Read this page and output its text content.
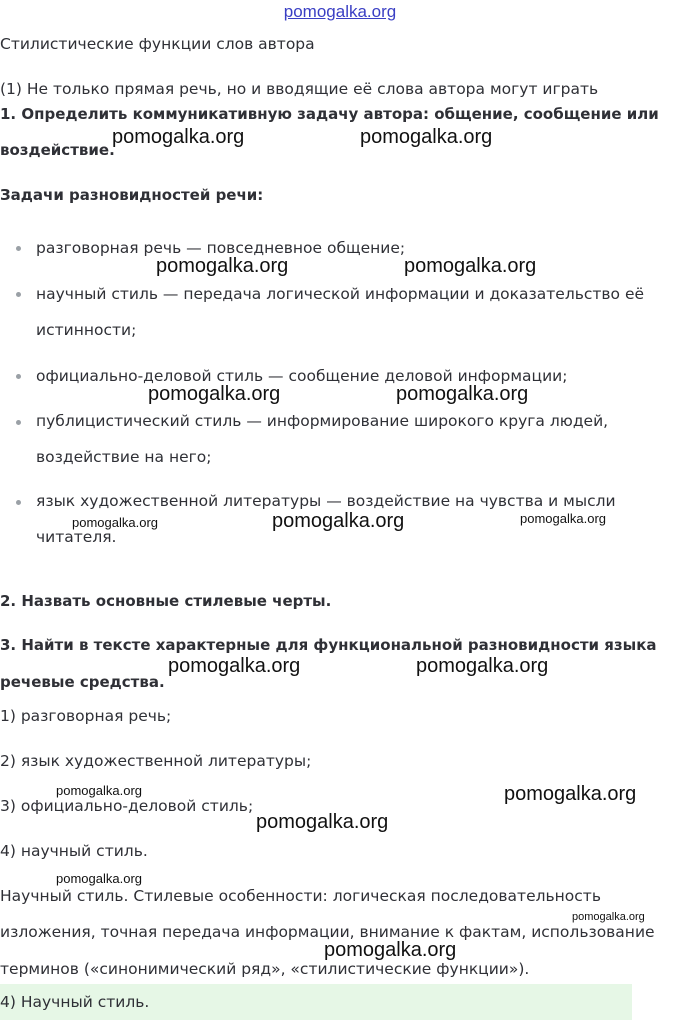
pomogalka.org
Стилистические функции слов автора
(1) Не только прямая речь, но и вводящие её слова автора могут играть
1. Определить коммуникативную задачу автора: общение, сообщение или
воздействие.
Задачи разновидностей речи:
разговорная речь — повседневное общение;
научный стиль — передача логической информации и доказательство её
истинности;
официально-деловой стиль — сообщение деловой информации;
публицистический стиль — информирование широкого круга людей,
воздействие на него;
язык художественной литературы — воздействие на чувства и мысли
читателя.
2. Назвать основные стилевые черты.
3. Найти в тексте характерные для функциональной разновидности языка
речевые средства.
1) разговорная речь;
2) язык художественной литературы;
3) официально-деловой стиль;
4) научный стиль.
Научный стиль. Стилевые особенности: логическая последовательность
изложения, точная передача информации, внимание к фактам, использование
терминов («синонимический ряд», «стилистические функции»).
4) Научный стиль.
pomogalka.org	pomogalka.org
pomogalka.org	pomogalka.org
pomogalka.org	pomogalka.org
pomogalka.org	pomogalka.org	pomogalka.org
pomogalka.org	pomogalka.org
pomogalka.org	pomogalka.org
pomogalka.org
pomogalka.org
pomogalka.org
pomogalka.org
